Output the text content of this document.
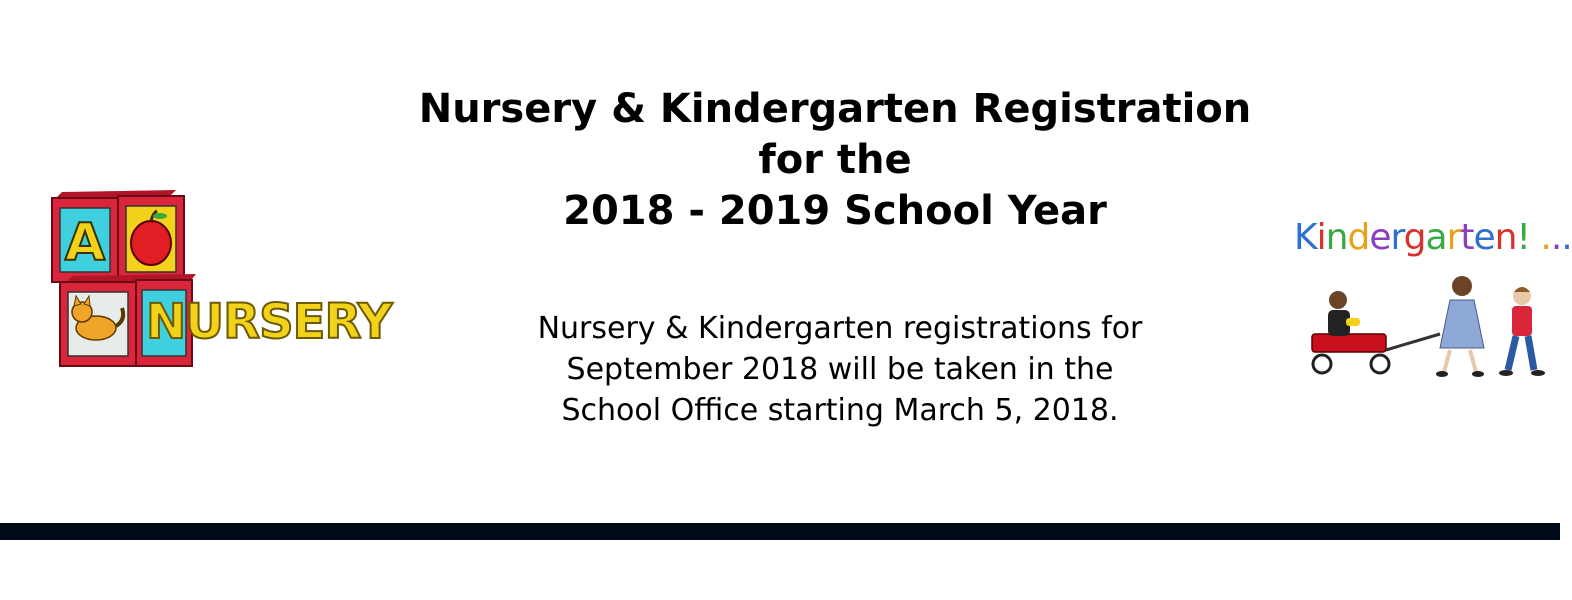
Nursery & Kindergarten Registration
for the
2018 - 2019 School Year

Nursery & Kindergarten registrations for
September 2018 will be taken in the
School Office starting March 5, 2018.

A
NURSERY
Kindergarten! ...
